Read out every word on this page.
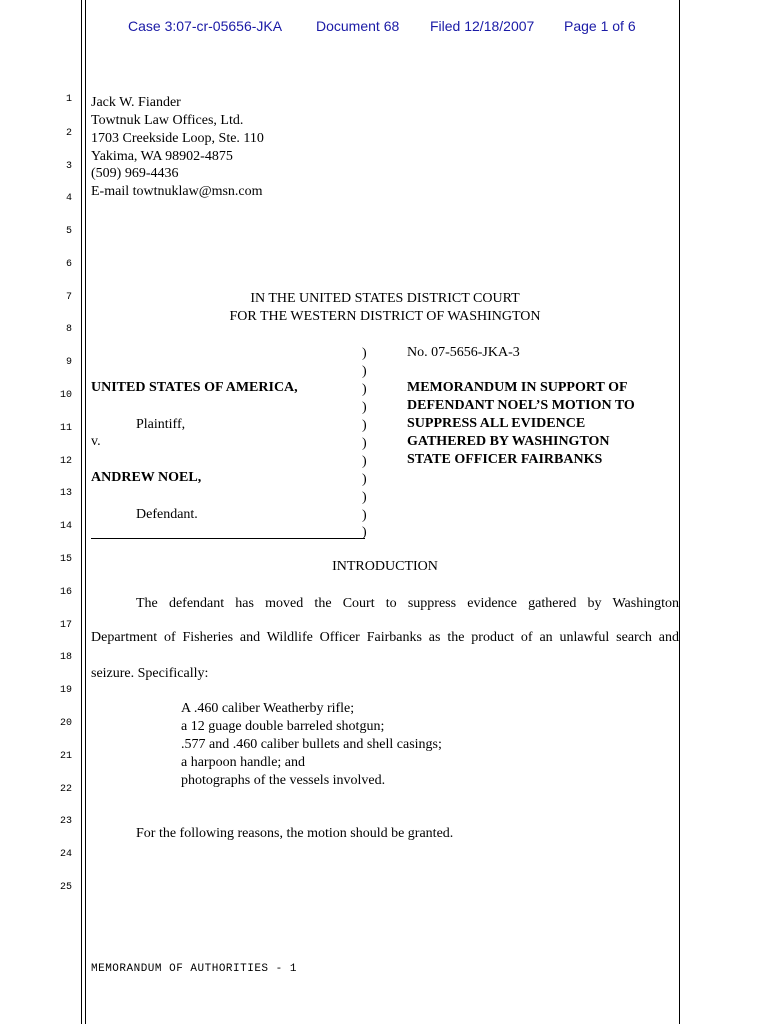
Case 3:07-cr-05656-JKA Document 68 Filed 12/18/2007 Page 1 of 6
1
2
3
4
5
6
7
8
9
10
11
12
13
14
15
16
17
18
19
20
21
22
23
24
25
Jack W. Fiander
Towtnuk Law Offices, Ltd.
1703 Creekside Loop, Ste. 110
Yakima, WA 98902-4875
(509) 969-4436
E-mail towtnuklaw@msn.com
IN THE UNITED STATES DISTRICT COURT
FOR THE WESTERN DISTRICT OF WASHINGTON
UNITED STATES OF AMERICA,
Plaintiff,
v.
ANDREW NOEL,
Defendant.
)
)
)
)
)
)
)
)
)
)
)
No. 07-5656-JKA-3
MEMORANDUM IN SUPPORT OF
DEFENDANT NOEL’S MOTION TO
SUPPRESS ALL EVIDENCE
GATHERED BY WASHINGTON
STATE OFFICER FAIRBANKS
INTRODUCTION
The defendant has moved the Court to suppress evidence gathered by Washington
Department of Fisheries and Wildlife Officer Fairbanks as the product of an unlawful search and
seizure. Specifically:
A .460 caliber Weatherby rifle;
a 12 guage double barreled shotgun;
.577 and .460 caliber bullets and shell casings;
a harpoon handle; and
photographs of the vessels involved.
For the following reasons, the motion should be granted.
MEMORANDUM OF AUTHORITIES - 1
